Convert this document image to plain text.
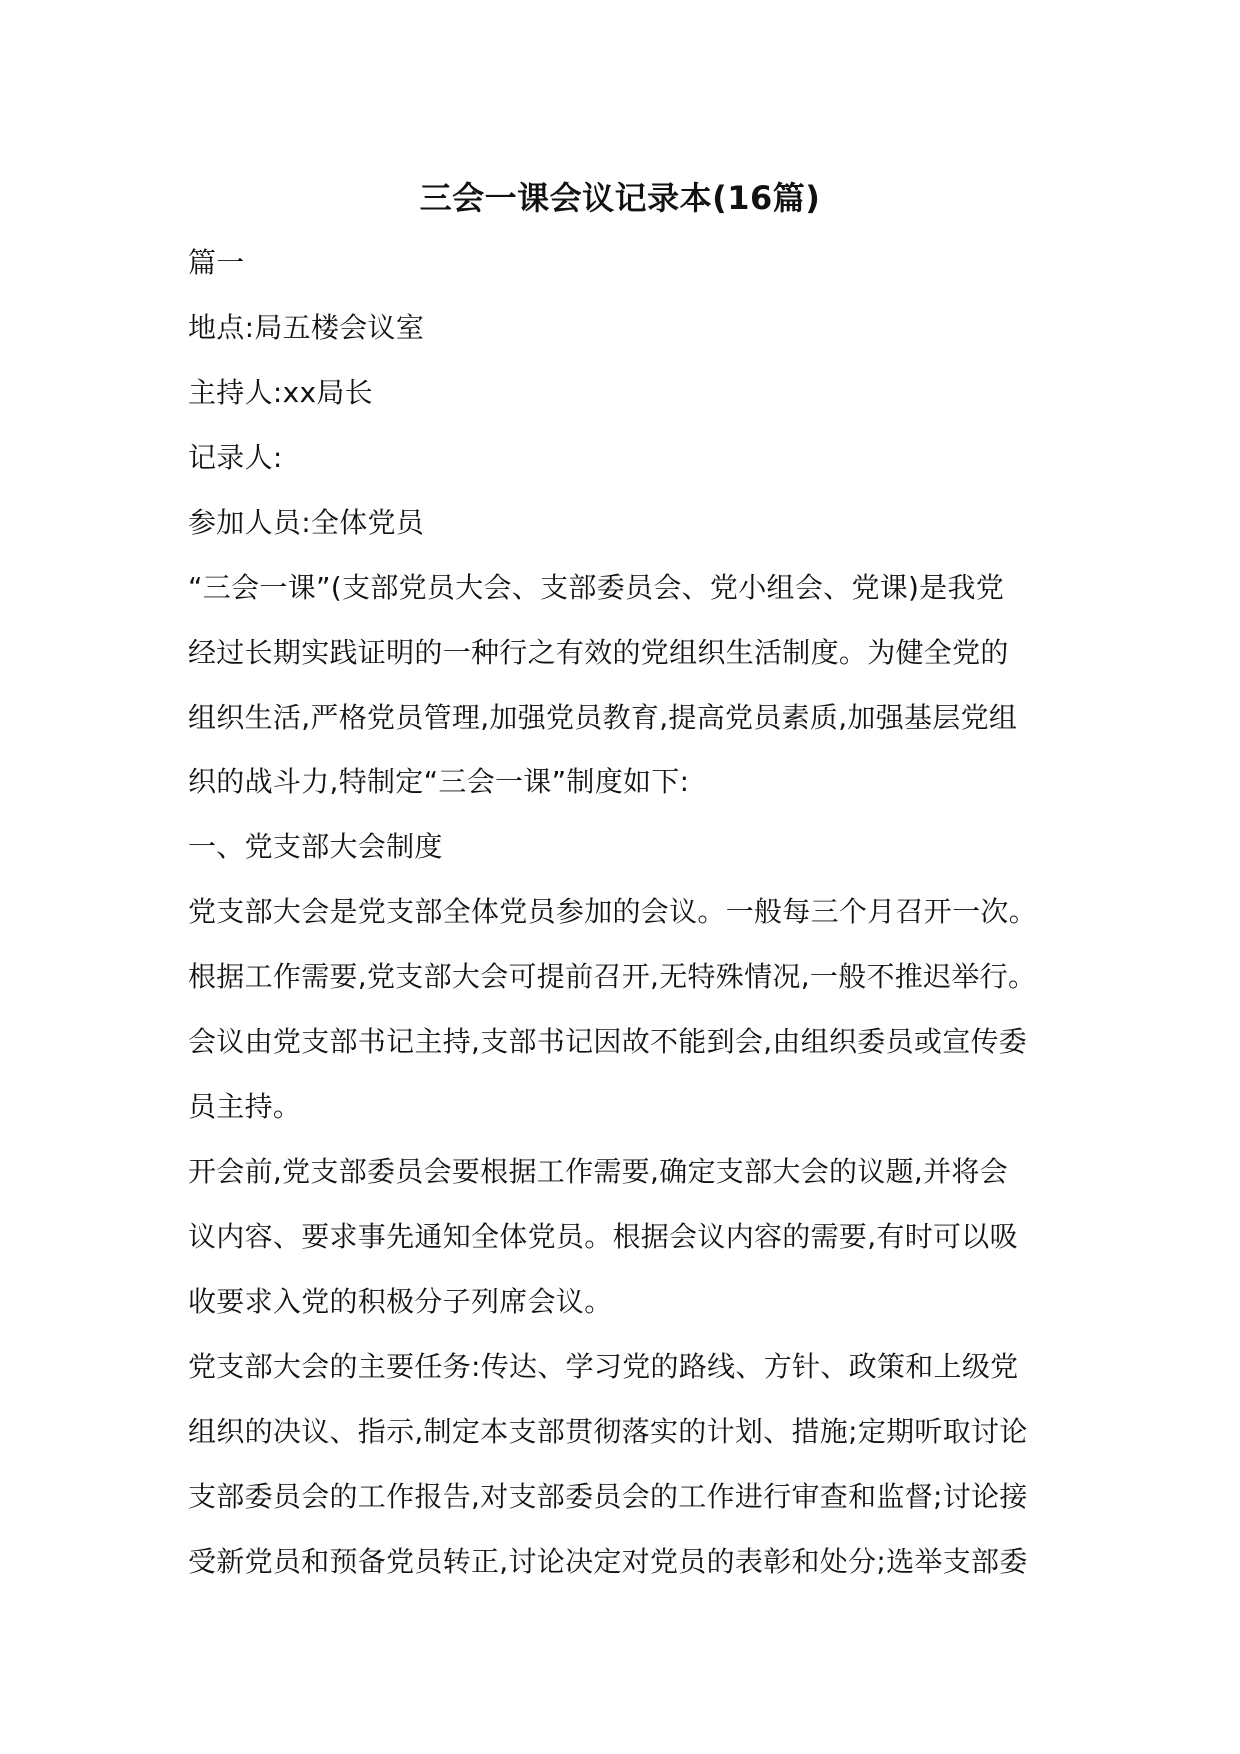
三会一课会议记录本(16篇)
篇一
地点:局五楼会议室
主持人:xx局长
记录人:
参加人员:全体党员
“三会一课”(支部党员大会、支部委员会、党小组会、党课)是我党
经过长期实践证明的一种行之有效的党组织生活制度。为健全党的
组织生活,严格党员管理,加强党员教育,提高党员素质,加强基层党组
织的战斗力,特制定“三会一课”制度如下:
一、党支部大会制度
党支部大会是党支部全体党员参加的会议。一般每三个月召开一次。
根据工作需要,党支部大会可提前召开,无特殊情况,一般不推迟举行。
会议由党支部书记主持,支部书记因故不能到会,由组织委员或宣传委
员主持。
开会前,党支部委员会要根据工作需要,确定支部大会的议题,并将会
议内容、要求事先通知全体党员。根据会议内容的需要,有时可以吸
收要求入党的积极分子列席会议。
党支部大会的主要任务:传达、学习党的路线、方针、政策和上级党
组织的决议、指示,制定本支部贯彻落实的计划、措施;定期听取讨论
支部委员会的工作报告,对支部委员会的工作进行审查和监督;讨论接
受新党员和预备党员转正,讨论决定对党员的表彰和处分;选举支部委
